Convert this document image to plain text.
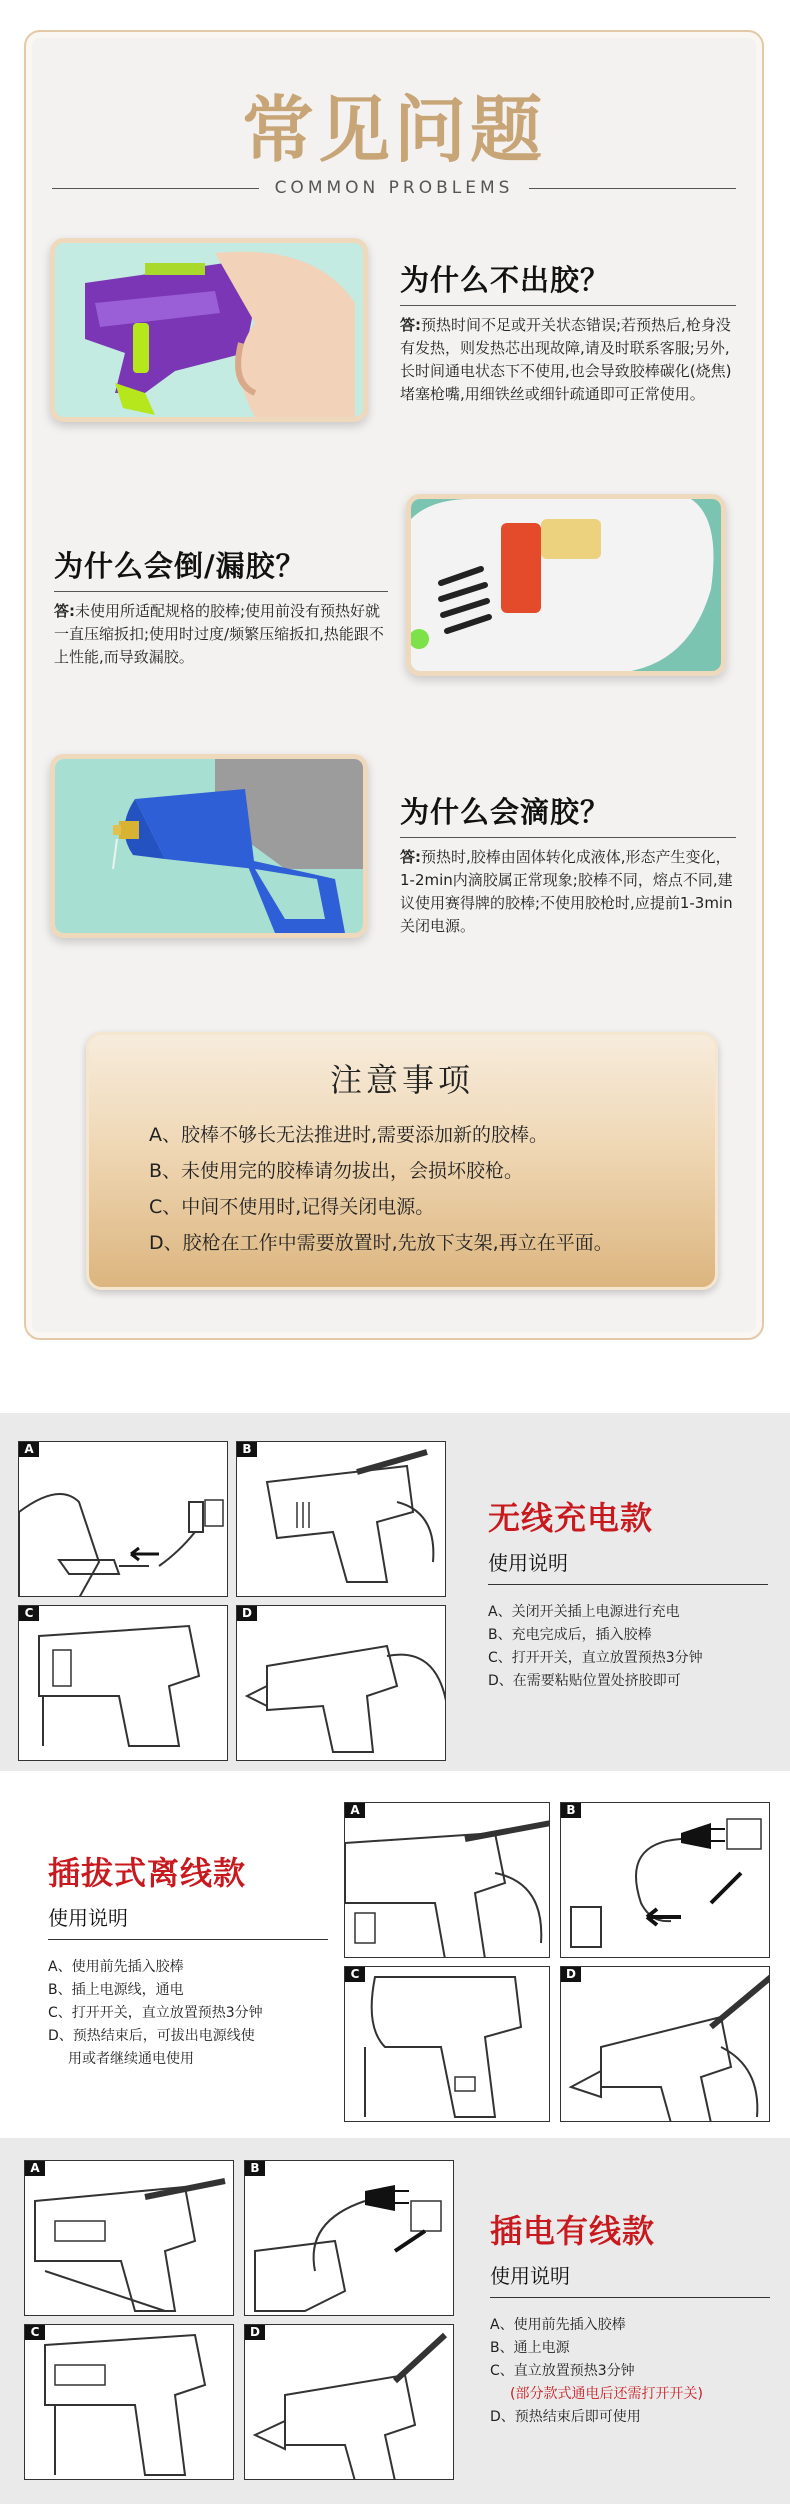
常见问题
COMMON PROBLEMS
为什么不出胶？

答:预热时间不足或开关状态错误;若预热后,枪身没有发热，则发热芯出现故障,请及时联系客服;另外,长时间通电状态下不使用,也会导致胶棒碳化(烧焦)堵塞枪嘴,用细铁丝或细针疏通即可正常使用。

为什么会倒/漏胶？

答:未使用所适配规格的胶棒;使用前没有预热好就一直压缩扳扣;使用时过度/频繁压缩扳扣,热能跟不上性能,而导致漏胶。

为什么会滴胶？

答:预热时,胶棒由固体转化成液体,形态产生变化，1-2min内滴胶属正常现象;胶棒不同，熔点不同,建议使用赛得牌的胶棒;不使用胶枪时,应提前1-3min关闭电源。

注意事项
A、胶棒不够长无法推进时,需要添加新的胶棒。
B、未使用完的胶棒请勿拔出，会损坏胶枪。
C、中间不使用时,记得关闭电源。
D、胶枪在工作中需要放置时,先放下支架,再立在平面。
A	B
C	D
无线充电款
使用说明
A、关闭开关插上电源进行充电
B、充电完成后，插入胶棒
C、打开开关，直立放置预热3分钟
D、在需要粘贴位置处挤胶即可
插拔式离线款
使用说明
A、使用前先插入胶棒
B、插上电源线，通电
C、打开开关，直立放置预热3分钟
D、预热结束后，可拔出电源线使
用或者继续通电使用
A	B
C	D
A	B
C	D
插电有线款
使用说明
A、使用前先插入胶棒
B、通上电源
C、直立放置预热3分钟
(部分款式通电后还需打开开关)
D、预热结束后即可使用
